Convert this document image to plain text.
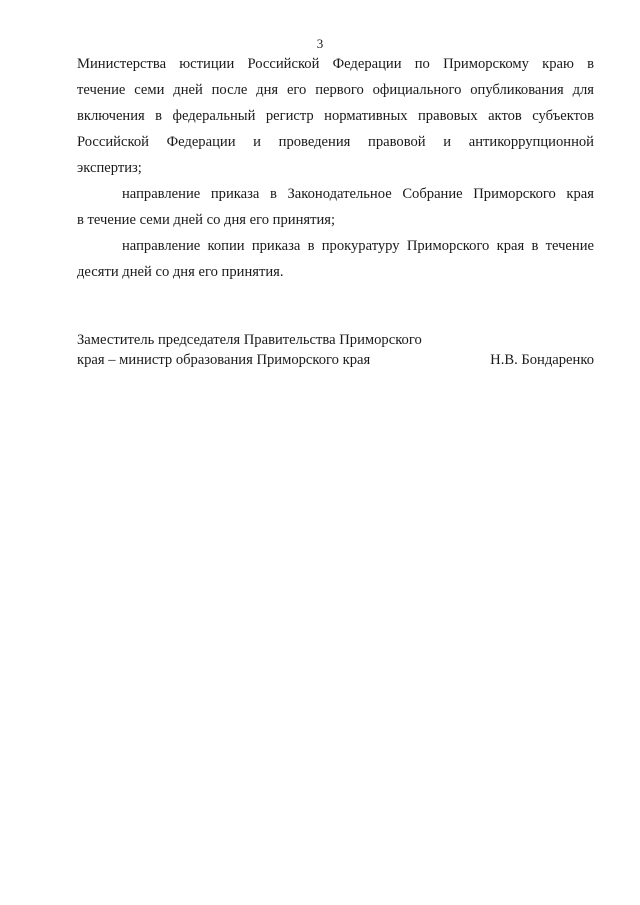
3
Министерства юстиции Российской Федерации по Приморскому краю в
течение семи дней после дня его первого официального опубликования для
включения в федеральный регистр нормативных правовых актов субъектов
Российской Федерации и проведения правовой и антикоррупционной
экспертиз;
направление приказа в Законодательное Собрание Приморского края
в течение семи дней со дня его принятия;
направление копии приказа в прокуратуру Приморского края в течение
десяти дней со дня его принятия.
Заместитель председателя Правительства Приморского
края – министр образования Приморского края	Н.В. Бондаренко
